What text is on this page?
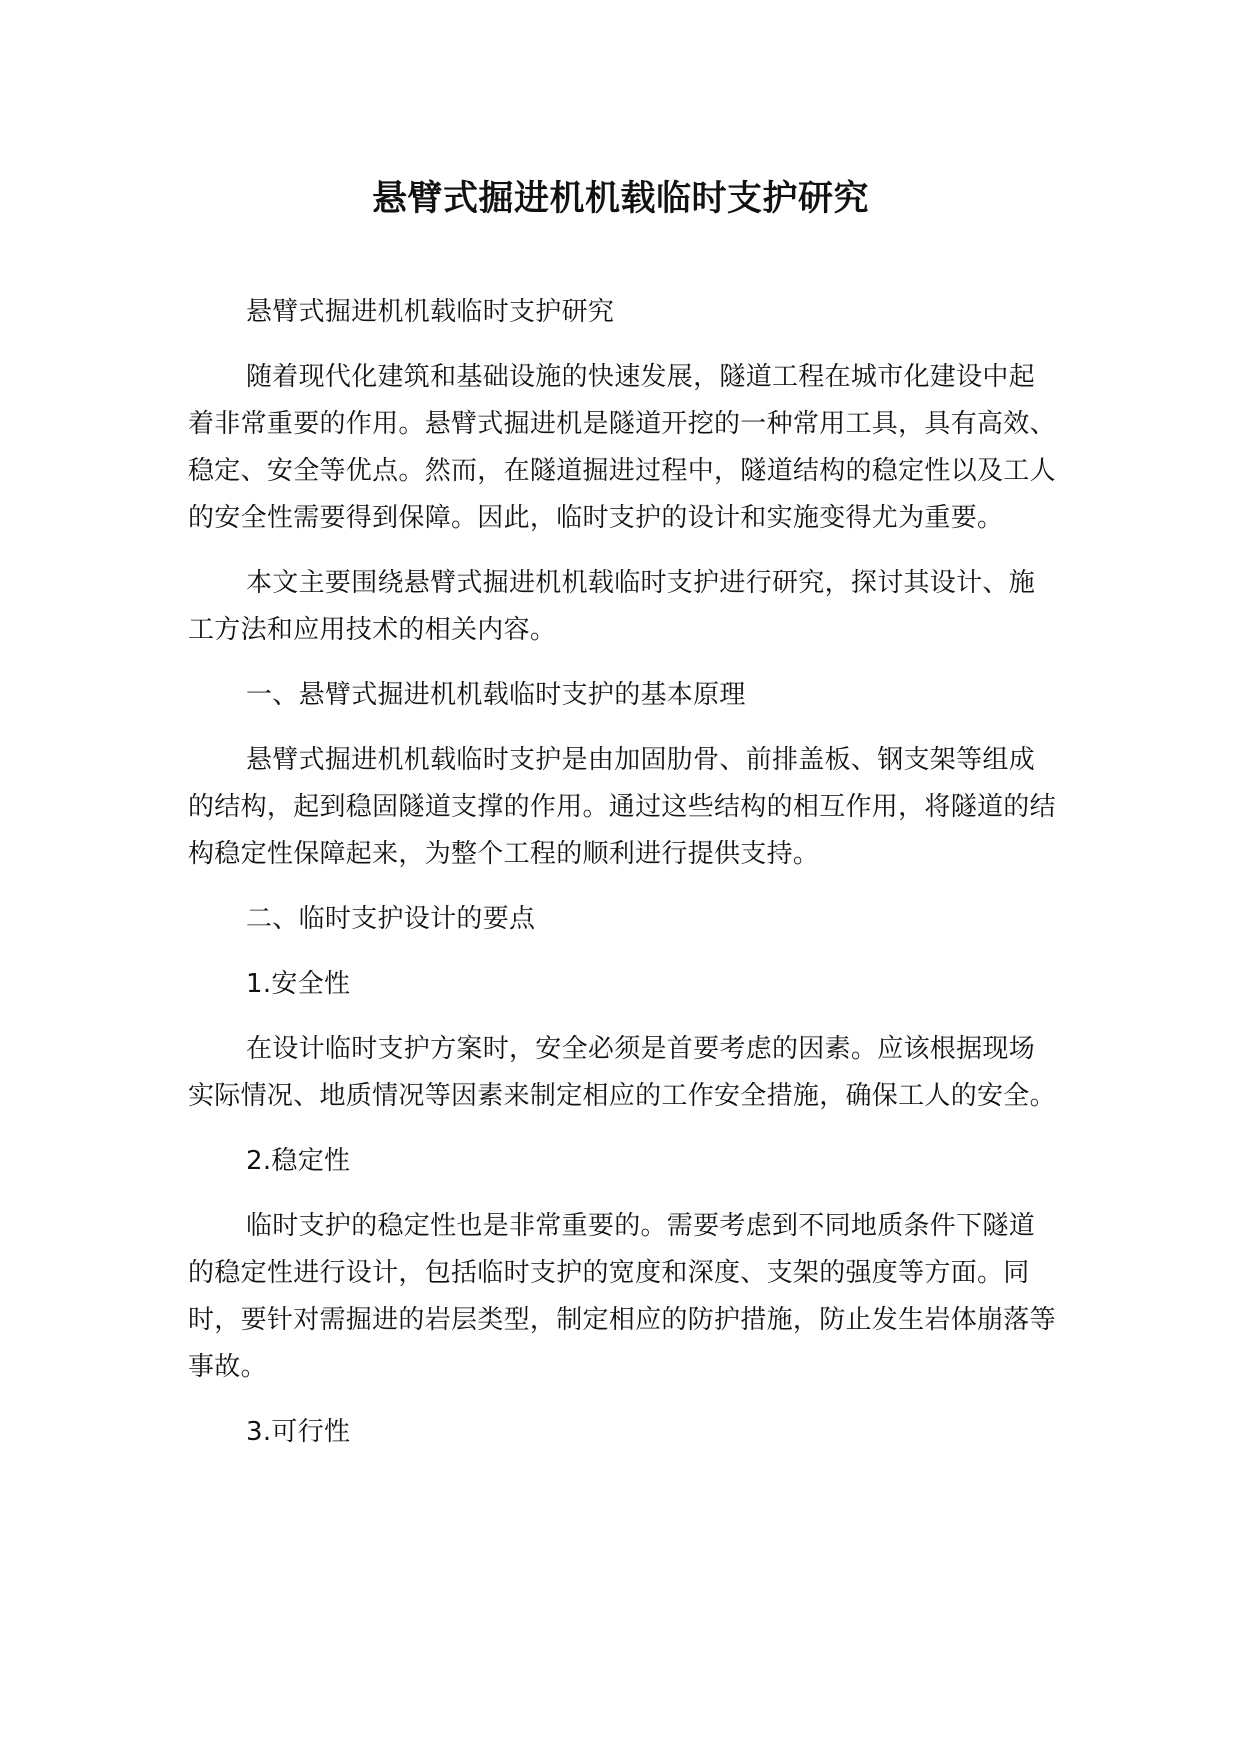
悬臂式掘进机机载临时支护研究

悬臂式掘进机机载临时支护研究

随着现代化建筑和基础设施的快速发展，隧道工程在城市化建设中起着非常重要的作用。悬臂式掘进机是隧道开挖的一种常用工具，具有高效、稳定、安全等优点。然而，在隧道掘进过程中，隧道结构的稳定性以及工人的安全性需要得到保障。因此，临时支护的设计和实施变得尤为重要。

本文主要围绕悬臂式掘进机机载临时支护进行研究，探讨其设计、施工方法和应用技术的相关内容。

一、悬臂式掘进机机载临时支护的基本原理

悬臂式掘进机机载临时支护是由加固肋骨、前排盖板、钢支架等组成的结构，起到稳固隧道支撑的作用。通过这些结构的相互作用，将隧道的结构稳定性保障起来，为整个工程的顺利进行提供支持。

二、临时支护设计的要点

1.安全性

在设计临时支护方案时，安全必须是首要考虑的因素。应该根据现场实际情况、地质情况等因素来制定相应的工作安全措施，确保工人的安全。

2.稳定性

临时支护的稳定性也是非常重要的。需要考虑到不同地质条件下隧道的稳定性进行设计，包括临时支护的宽度和深度、支架的强度等方面。同时，要针对需掘进的岩层类型，制定相应的防护措施，防止发生岩体崩落等事故。

3.可行性
